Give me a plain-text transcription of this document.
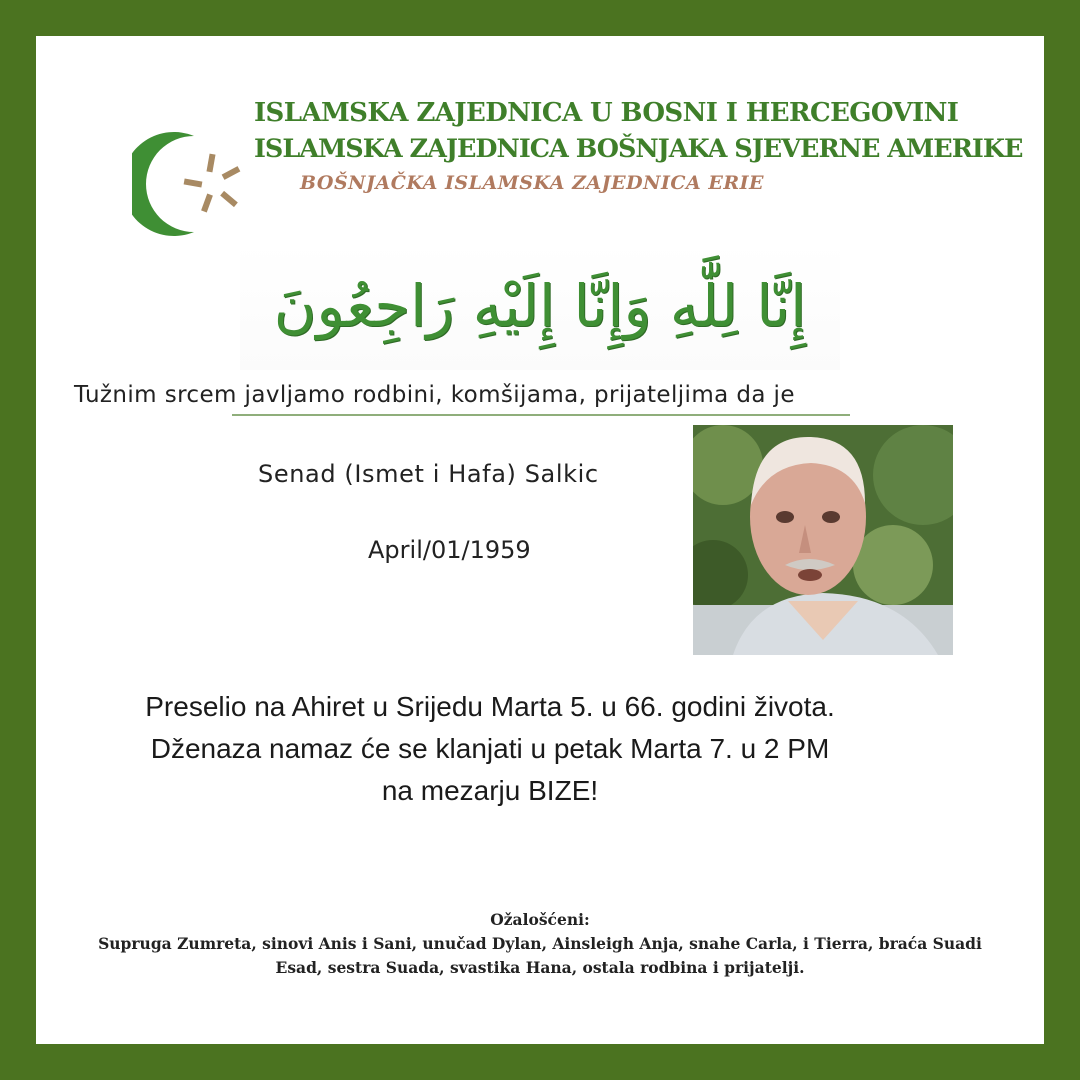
ISLAMSKA ZAJEDNICA U BOSNI I HERCEGOVINI
ISLAMSKA ZAJEDNICA BOŠNJAKA SJEVERNE AMERIKE
BOŠNJAČKA ISLAMSKA ZAJEDNICA ERIE
إِنَّا لِلَّٰهِ وَإِنَّا إِلَيْهِ رَاجِعُونَ
Tužnim srcem javljamo rodbini, komšijama, prijateljima da je
Senad (Ismet i Hafa) Salkic
April/01/1959
Preselio na Ahiret u Srijedu Marta 5. u 66. godini života.
Dženaza namaz će se klanjati u petak Marta 7. u 2 PM
na mezarju BIZE!
Ožalošćeni:
Supruga Zumreta, sinovi Anis i Sani, unučad Dylan, Ainsleigh Anja, snahe Carla, i Tierra, braća Suadi
Esad, sestra Suada, svastika Hana, ostala rodbina i prijatelji.
